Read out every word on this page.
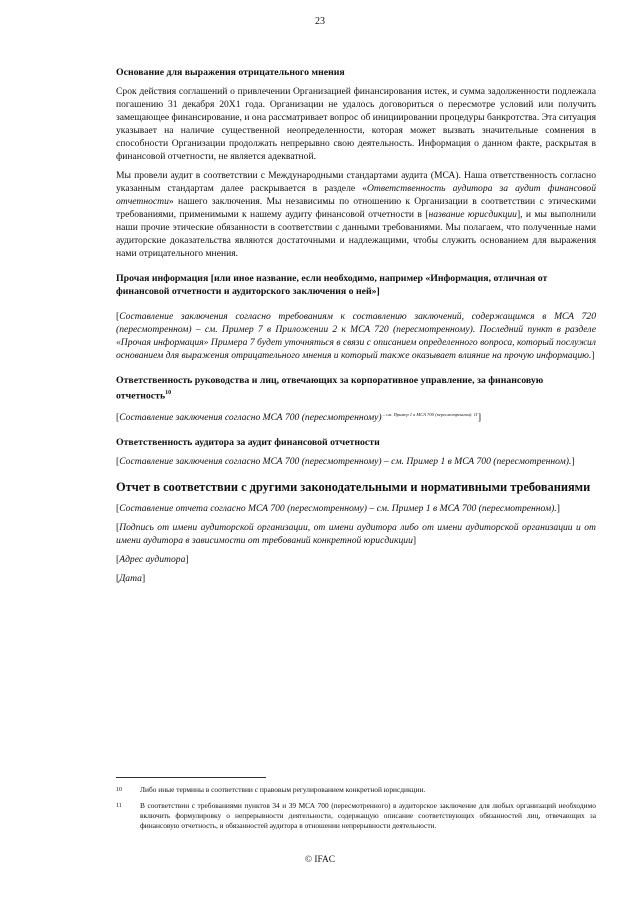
23
Основание для выражения отрицательного мнения

Срок действия соглашений о привлечении Организацией финансирования истек, и сумма задолженности подлежала погашению 31 декабря 20X1 года. Организации не удалось договориться о пересмотре условий или получить замещающее финансирование, и она рассматривает вопрос об инициировании процедуры банкротства. Эта ситуация указывает на наличие существенной неопределенности, которая может вызвать значительные сомнения в способности Организации продолжать непрерывно свою деятельность. Информация о данном факте, раскрытая в финансовой отчетности, не является адекватной.

Мы провели аудит в соответствии с Международными стандартами аудита (МСА). Наша ответственность согласно указанным стандартам далее раскрывается в разделе «Ответственность аудитора за аудит финансовой отчетности» нашего заключения. Мы независимы по отношению к Организации в соответствии с этическими требованиями, применимыми к нашему аудиту финансовой отчетности в [название юрисдикции], и мы выполнили наши прочие этические обязанности в соответствии с данными требованиями. Мы полагаем, что полученные нами аудиторские доказательства являются достаточными и надлежащими, чтобы служить основанием для выражения нами отрицательного мнения.

Прочая информация [или иное название, если необходимо, например «Информация, отличная от финансовой отчетности и аудиторского заключения о ней»]

[Составление заключения согласно требованиям к составлению заключений, содержащимся в МСА 720 (пересмотренном) – см. Пример 7 в Приложении 2 к МСА 720 (пересмотренному). Последний пункт в разделе «Прочая информация» Примера 7 будет уточняться в связи с описанием определенного вопроса, который послужил основанием для выражения отрицательного мнения и который также оказывает влияние на прочую информацию.]

Ответственность руководства и лиц, отвечающих за корпоративное управление, за финансовую отчетность$^{10}$

[Составление заключения согласно МСА 700 (пересмотренному) $^{- см. Пример 1 в МСА 700 (пересмотренном). 11}$]

Ответственность аудитора за аудит финансовой отчетности

[Составление заключения согласно МСА 700 (пересмотренному) – см. Пример 1 в МСА 700 (пересмотренном).]

Отчет в соответствии с другими законодательными и нормативными требованиями

[Составление отчета согласно МСА 700 (пересмотренному) – см. Пример 1 в МСА 700 (пересмотренном).]

[Подпись от имени аудиторской организации, от имени аудитора либо от имени аудиторской организации и от имени аудитора в зависимости от требований конкретной юрисдикции]

[Адрес аудитора]

[Дата]

10	Либо иные термины в соответствии с правовым регулированием конкретной юрисдикции.
11	В соответствии с требованиями пунктов 34 и 39 МСА 700 (пересмотренного) в аудиторское заключение для любых организаций необходимо включить формулировку о непрерывности деятельности, содержащую описание соответствующих обязанностей лиц, отвечающих за финансовую отчетность, и обязанностей аудитора в отношении непрерывности деятельности.
© IFAC
